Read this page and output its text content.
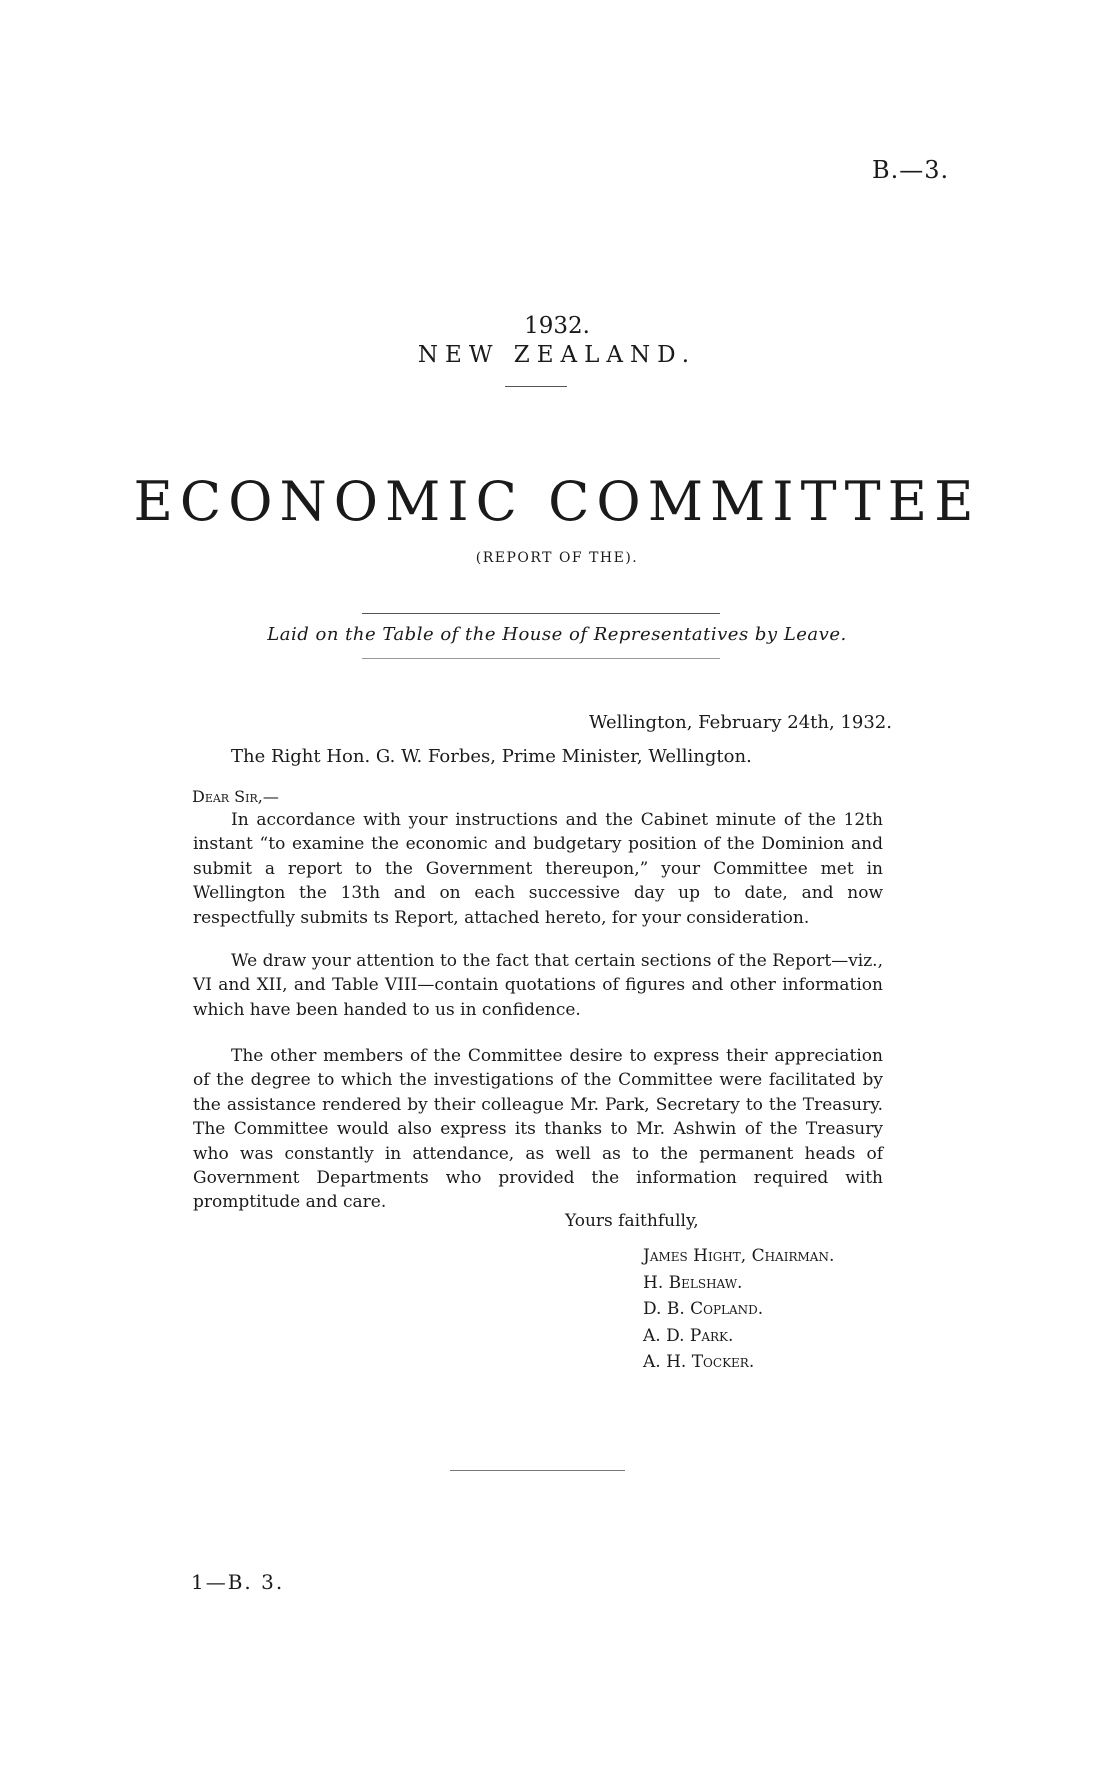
B.—3.
1932.
NEW ZEALAND.
ECONOMIC COMMITTEE
(REPORT OF THE).
Laid on the Table of the House of Representatives by Leave.
Wellington, February 24th, 1932.
The Right Hon. G. W. Forbes, Prime Minister, Wellington.
Dear Sir,—

In accordance with your instructions and the Cabinet minute of the 12th instant “to examine the economic and budgetary position of the Dominion and submit a report to the Government thereupon,” your Committee met in Wellington the 13th and on each successive day up to date, and now respectfully submits ts Report, attached hereto, for your consideration.

We draw your attention to the fact that certain sections of the Report—viz., VI and XII, and Table VIII—contain quotations of figures and other information which have been handed to us in confidence.

The other members of the Committee desire to express their appreciation of the degree to which the investigations of the Committee were facilitated by the assistance rendered by their colleague Mr. Park, Secretary to the Treasury. The Committee would also express its thanks to Mr. Ashwin of the Treasury who was constantly in attendance, as well as to the permanent heads of Government Departments who provided the information required with promptitude and care.

Yours faithfully,
James Hight, Chairman.
H. Belshaw.
D. B. Copland.
A. D. Park.
A. H. Tocker.
1—B. 3.
